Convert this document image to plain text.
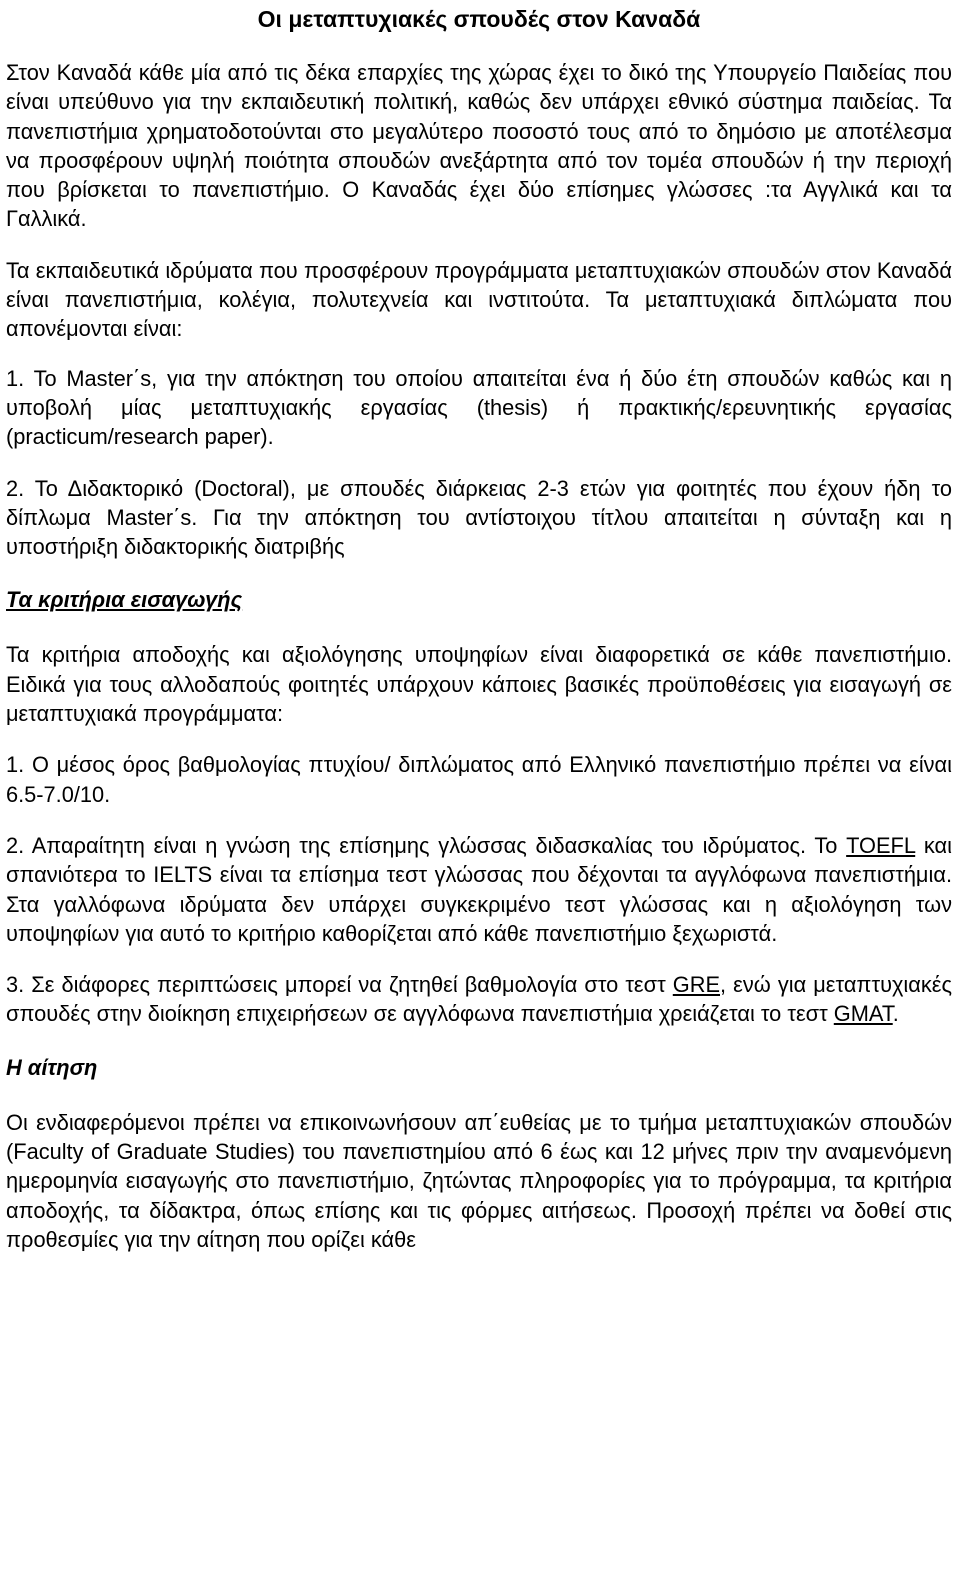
Οι μεταπτυχιακές σπουδές στον Καναδά

Στον Καναδά κάθε μία από τις δέκα επαρχίες της χώρας έχει το δικό της Υπουργείο Παιδείας που είναι υπεύθυνο για την εκπαιδευτική πολιτική, καθώς δεν υπάρχει εθνικό σύστημα παιδείας. Τα πανεπιστήμια χρηματοδοτούνται στο μεγαλύτερο ποσοστό τους από το δημόσιο με αποτέλεσμα να προσφέρουν υψηλή ποιότητα σπουδών ανεξάρτητα από τον τομέα σπουδών ή την περιοχή που βρίσκεται το πανεπιστήμιο. Ο Καναδάς έχει δύο επίσημες γλώσσες :τα Αγγλικά και τα Γαλλικά.

Τα εκπαιδευτικά ιδρύματα που προσφέρουν προγράμματα μεταπτυχιακών σπουδών στον Καναδά είναι πανεπιστήμια, κολέγια, πολυτεχνεία και ινστιτούτα. Τα μεταπτυχιακά διπλώματα που απονέμονται είναι:

1. Το Master΄s, για την απόκτηση του οποίου απαιτείται ένα ή δύο έτη σπουδών καθώς και η υποβολή μίας μεταπτυχιακής εργασίας (thesis) ή πρακτικής/ερευνητικής εργασίας (practicum/research paper).

2. Το Διδακτορικό (Doctoral), με σπουδές διάρκειας 2-3 ετών για φοιτητές που έχουν ήδη το δίπλωμα Master΄s. Για την απόκτηση του αντίστοιχου τίτλου απαιτείται η σύνταξη και η υποστήριξη διδακτορικής διατριβής

Τα κριτήρια εισαγωγής

Τα κριτήρια αποδοχής και αξιολόγησης υποψηφίων είναι διαφορετικά σε κάθε πανεπιστήμιο. Ειδικά για τους αλλοδαπούς φοιτητές υπάρχουν κάποιες βασικές προϋποθέσεις για εισαγωγή σε μεταπτυχιακά προγράμματα:

1. Ο μέσος όρος βαθμολογίας πτυχίου/ διπλώματος από Ελληνικό πανεπιστήμιο πρέπει να είναι 6.5-7.0/10.

2. Απαραίτητη είναι η γνώση της επίσημης γλώσσας διδασκαλίας του ιδρύματος. Το TOEFL και σπανιότερα το IELTS είναι τα επίσημα τεστ γλώσσας που δέχονται τα αγγλόφωνα πανεπιστήμια. Στα γαλλόφωνα ιδρύματα δεν υπάρχει συγκεκριμένο τεστ γλώσσας και η αξιολόγηση των υποψηφίων για αυτό το κριτήριο καθορίζεται από κάθε πανεπιστήμιο ξεχωριστά.

3. Σε διάφορες περιπτώσεις μπορεί να ζητηθεί βαθμολογία στο τεστ GRE, ενώ για μεταπτυχιακές σπουδές στην διοίκηση επιχειρήσεων σε αγγλόφωνα πανεπιστήμια χρειάζεται το τεστ GMAT.

Η αίτηση

Οι ενδιαφερόμενοι πρέπει να επικοινωνήσουν απ΄ευθείας με το τμήμα μεταπτυχιακών σπουδών (Faculty of Graduate Studies) του πανεπιστημίου από 6 έως και 12 μήνες πριν την αναμενόμενη ημερομηνία εισαγωγής στο πανεπιστήμιο, ζητώντας πληροφορίες για το πρόγραμμα, τα κριτήρια αποδοχής, τα δίδακτρα, όπως επίσης και τις φόρμες αιτήσεως. Προσοχή πρέπει να δοθεί στις προθεσμίες για την αίτηση που ορίζει κάθε
